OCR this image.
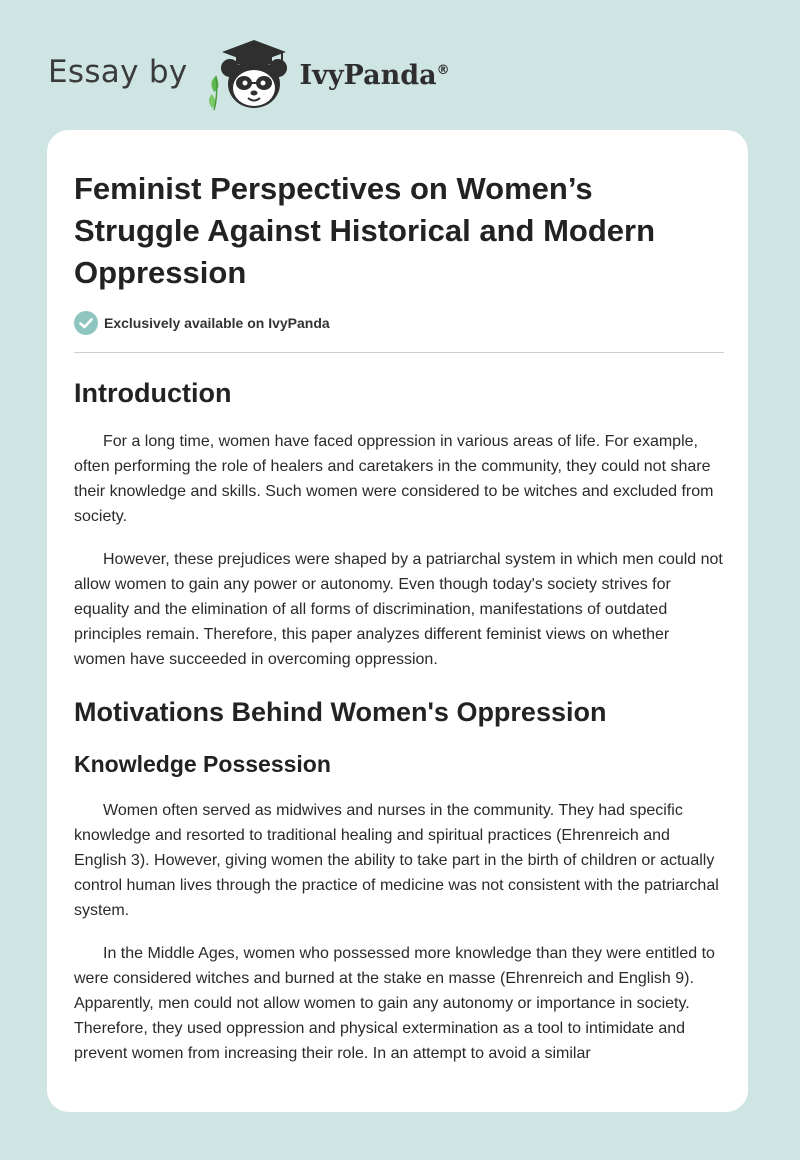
Essay by	IvyPanda®
Feminist Perspectives on Women’s Struggle Against Historical and Modern Oppression
Exclusively available on IvyPanda
Introduction

For a long time, women have faced oppression in various areas of life. For example, often performing the role of healers and caretakers in the community, they could not share their knowledge and skills. Such women were considered to be witches and excluded from society.

However, these prejudices were shaped by a patriarchal system in which men could not allow women to gain any power or autonomy. Even though today's society strives for equality and the elimination of all forms of discrimination, manifestations of outdated principles remain. Therefore, this paper analyzes different feminist views on whether women have succeeded in overcoming oppression.

Motivations Behind Women's Oppression
Knowledge Possession

Women often served as midwives and nurses in the community. They had specific knowledge and resorted to traditional healing and spiritual practices (Ehrenreich and English 3). However, giving women the ability to take part in the birth of children or actually control human lives through the practice of medicine was not consistent with the patriarchal system.

In the Middle Ages, women who possessed more knowledge than they were entitled to were considered witches and burned at the stake en masse (Ehrenreich and English 9). Apparently, men could not allow women to gain any autonomy or importance in society. Therefore, they used oppression and physical extermination as a tool to intimidate and prevent women from increasing their role. In an attempt to avoid a similar
